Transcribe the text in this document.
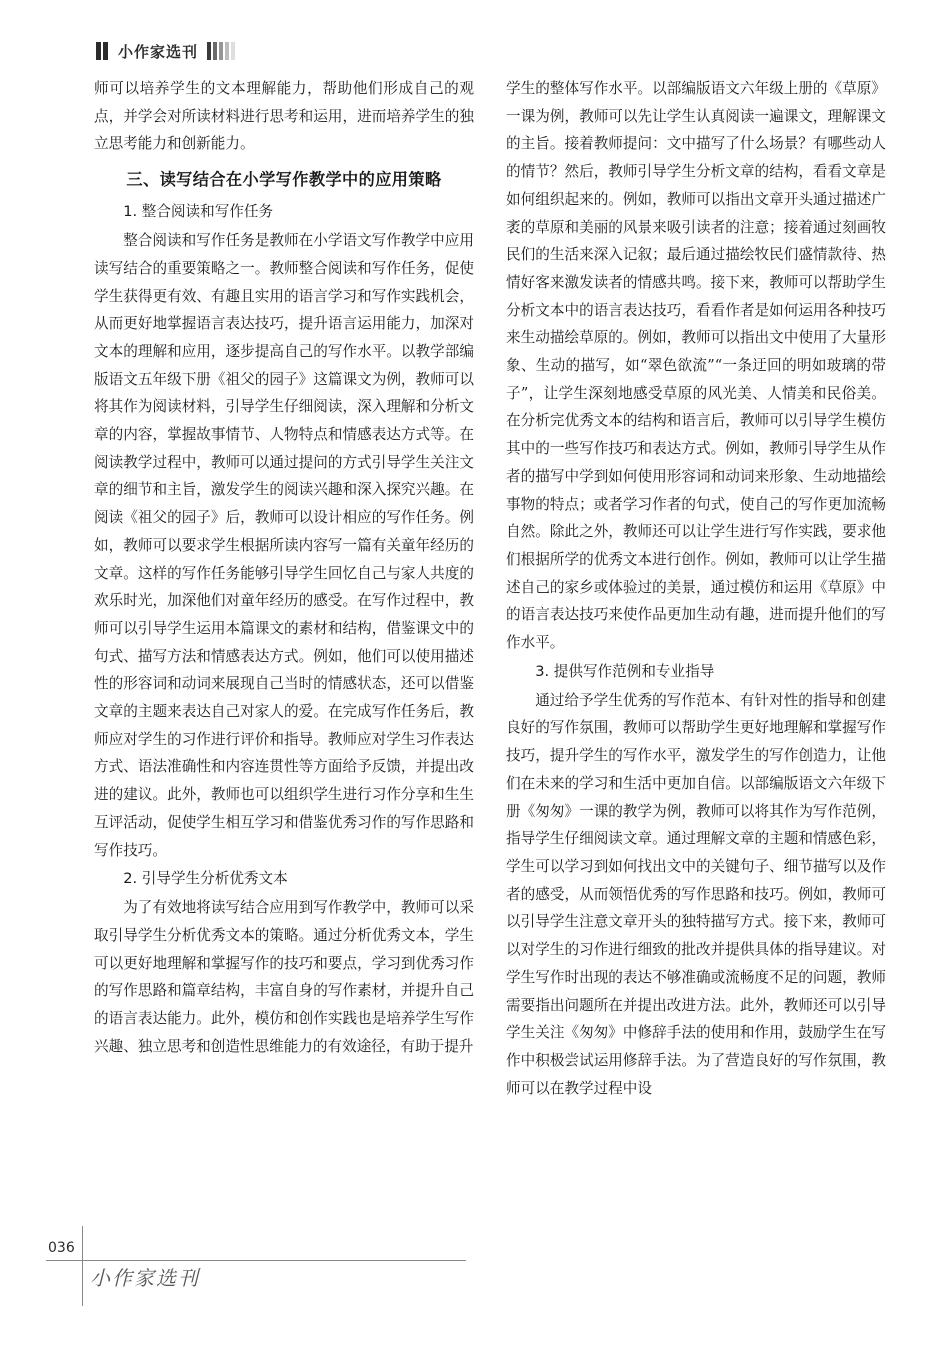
小作家选刊

师可以培养学生的文本理解能力，帮助他们形成自己的观点，并学会对所读材料进行思考和运用，进而培养学生的独立思考能力和创新能力。

三、读写结合在小学写作教学中的应用策略
1. 整合阅读和写作任务

整合阅读和写作任务是教师在小学语文写作教学中应用读写结合的重要策略之一。教师整合阅读和写作任务，促使学生获得更有效、有趣且实用的语言学习和写作实践机会，从而更好地掌握语言表达技巧，提升语言运用能力，加深对文本的理解和应用，逐步提高自己的写作水平。以教学部编版语文五年级下册《祖父的园子》这篇课文为例，教师可以将其作为阅读材料，引导学生仔细阅读，深入理解和分析文章的内容，掌握故事情节、人物特点和情感表达方式等。在阅读教学过程中，教师可以通过提问的方式引导学生关注文章的细节和主旨，激发学生的阅读兴趣和深入探究兴趣。在阅读《祖父的园子》后，教师可以设计相应的写作任务。例如，教师可以要求学生根据所读内容写一篇有关童年经历的文章。这样的写作任务能够引导学生回忆自己与家人共度的欢乐时光，加深他们对童年经历的感受。在写作过程中，教师可以引导学生运用本篇课文的素材和结构，借鉴课文中的句式、描写方法和情感表达方式。例如，他们可以使用描述性的形容词和动词来展现自己当时的情感状态，还可以借鉴文章的主题来表达自己对家人的爱。在完成写作任务后，教师应对学生的习作进行评价和指导。教师应对学生习作表达方式、语法准确性和内容连贯性等方面给予反馈，并提出改进的建议。此外，教师也可以组织学生进行习作分享和生生互评活动，促使学生相互学习和借鉴优秀习作的写作思路和写作技巧。

2. 引导学生分析优秀文本

为了有效地将读写结合应用到写作教学中，教师可以采取引导学生分析优秀文本的策略。通过分析优秀文本，学生可以更好地理解和掌握写作的技巧和要点，学习到优秀习作的写作思路和篇章结构，丰富自身的写作素材，并提升自己的语言表达能力。此外，模仿和创作实践也是培养学生写作兴趣、独立思考和创造性思维能力的有效途径，有助于提升

学生的整体写作水平。以部编版语文六年级上册的《草原》一课为例，教师可以先让学生认真阅读一遍课文，理解课文的主旨。接着教师提问：文中描写了什么场景？有哪些动人的情节？然后，教师引导学生分析文章的结构，看看文章是如何组织起来的。例如，教师可以指出文章开头通过描述广袤的草原和美丽的风景来吸引读者的注意；接着通过刻画牧民们的生活来深入记叙；最后通过描绘牧民们盛情款待、热情好客来激发读者的情感共鸣。接下来，教师可以帮助学生分析文本中的语言表达技巧，看看作者是如何运用各种技巧来生动描绘草原的。例如，教师可以指出文中使用了大量形象、生动的描写，如“翠色欲流”“一条迂回的明如玻璃的带子”，让学生深刻地感受草原的风光美、人情美和民俗美。在分析完优秀文本的结构和语言后，教师可以引导学生模仿其中的一些写作技巧和表达方式。例如，教师引导学生从作者的描写中学到如何使用形容词和动词来形象、生动地描绘事物的特点；或者学习作者的句式，使自己的写作更加流畅自然。除此之外，教师还可以让学生进行写作实践，要求他们根据所学的优秀文本进行创作。例如，教师可以让学生描述自己的家乡或体验过的美景，通过模仿和运用《草原》中的语言表达技巧来使作品更加生动有趣，进而提升他们的写作水平。

3. 提供写作范例和专业指导

通过给予学生优秀的写作范本、有针对性的指导和创建良好的写作氛围，教师可以帮助学生更好地理解和掌握写作技巧，提升学生的写作水平，激发学生的写作创造力，让他们在未来的学习和生活中更加自信。以部编版语文六年级下册《匆匆》一课的教学为例，教师可以将其作为写作范例，指导学生仔细阅读文章。通过理解文章的主题和情感色彩，学生可以学习到如何找出文中的关键句子、细节描写以及作者的感受，从而领悟优秀的写作思路和技巧。例如，教师可以引导学生注意文章开头的独特描写方式。接下来，教师可以对学生的习作进行细致的批改并提供具体的指导建议。对学生写作时出现的表达不够准确或流畅度不足的问题，教师需要指出问题所在并提出改进方法。此外，教师还可以引导学生关注《匆匆》中修辞手法的使用和作用，鼓励学生在写作中积极尝试运用修辞手法。为了营造良好的写作氛围，教师可以在教学过程中设

036
小作家选刊
